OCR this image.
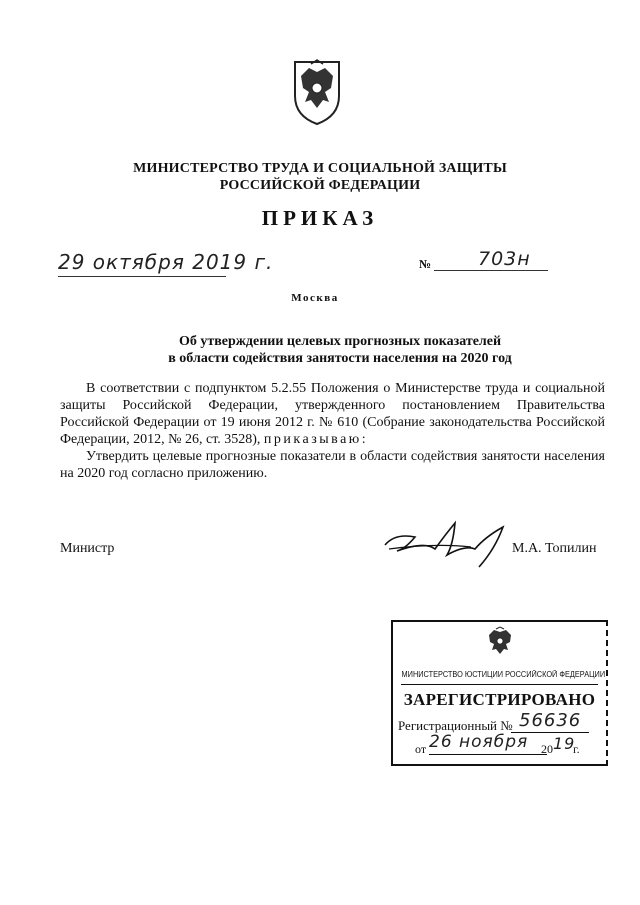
МИНИСТЕРСТВО ТРУДА И СОЦИАЛЬНОЙ ЗАЩИТЫ
РОССИЙСКОЙ ФЕДЕРАЦИИ
ПРИКАЗ
29 октября 2019 г.	№ 703н
Москва
Об утверждении целевых прогнозных показателей
в области содействия занятости населения на 2020 год

В соответствии с подпунктом 5.2.55 Положения о Министерстве труда и социальной защиты Российской Федерации, утвержденного постановлением Правительства Российской Федерации от 19 июня 2012 г. № 610 (Собрание законодательства Российской Федерации, 2012, № 26, ст. 3528), приказываю:

Утвердить целевые прогнозные показатели в области содействия занятости населения на 2020 год согласно приложению.

Министр	М.А. Топилин
МИНИСТЕРСТВО ЮСТИЦИИ РОССИЙСКОЙ ФЕДЕРАЦИИ
ЗАРЕГИСТРИРОВАНО
Регистрационный № 56636
от 26 ноября 20 19
г.
